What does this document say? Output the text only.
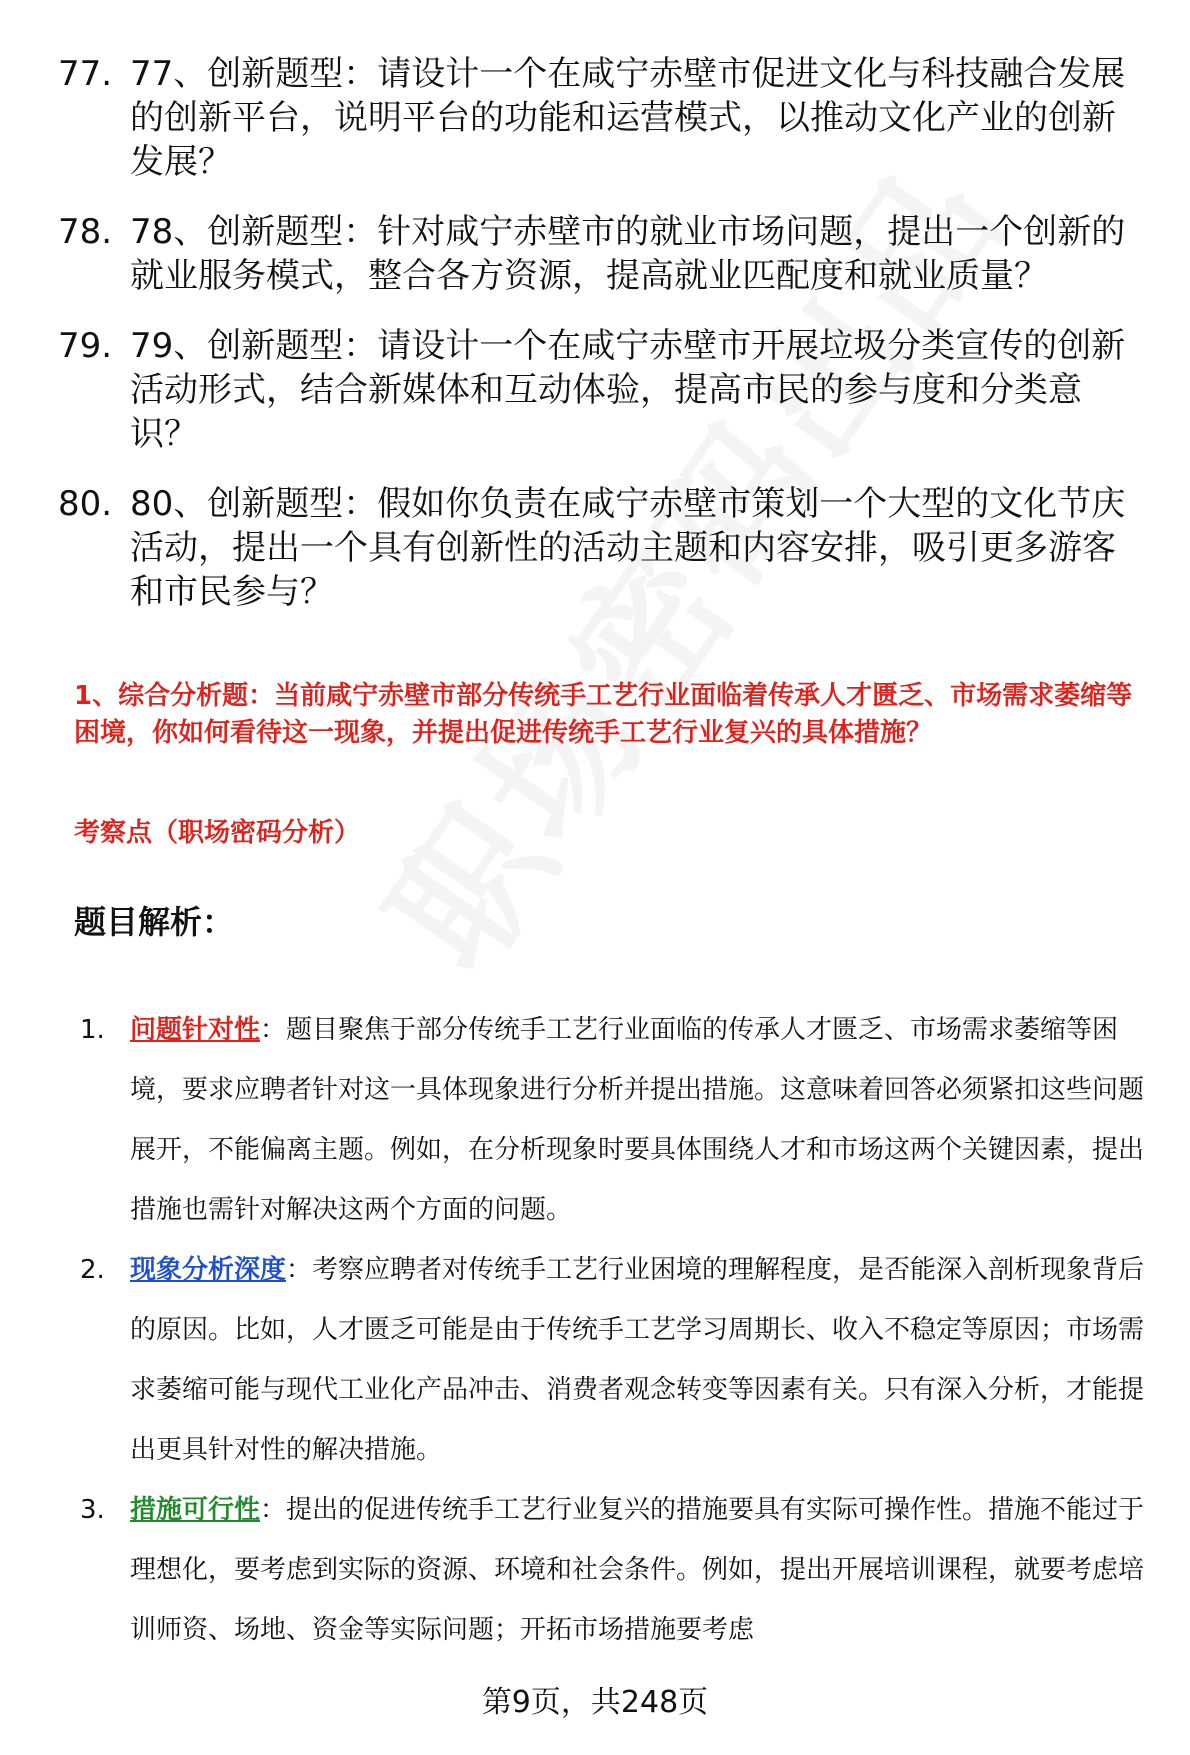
77. 77、创新题型：请设计一个在咸宁赤壁市促进文化与科技融合发展的创新平台，说明平台的功能和运营模式，以推动文化产业的创新发展？
78. 78、创新题型：针对咸宁赤壁市的就业市场问题，提出一个创新的就业服务模式，整合各方资源，提高就业匹配度和就业质量？
79. 79、创新题型：请设计一个在咸宁赤壁市开展垃圾分类宣传的创新活动形式，结合新媒体和互动体验，提高市民的参与度和分类意识？
80. 80、创新题型：假如你负责在咸宁赤壁市策划一个大型的文化节庆活动，提出一个具有创新性的活动主题和内容安排，吸引更多游客和市民参与？
1、综合分析题：当前咸宁赤壁市部分传统手工艺行业面临着传承人才匮乏、市场需求萎缩等困境，你如何看待这一现象，并提出促进传统手工艺行业复兴的具体措施？
考察点（职场密码分析）
题目解析：
1. 问题针对性：题目聚焦于部分传统手工艺行业面临的传承人才匮乏、市场需求萎缩等困境，要求应聘者针对这一具体现象进行分析并提出措施。这意味着回答必须紧扣这些问题展开，不能偏离主题。例如，在分析现象时要具体围绕人才和市场这两个关键因素，提出措施也需针对解决这两个方面的问题。
2. 现象分析深度：考察应聘者对传统手工艺行业困境的理解程度，是否能深入剖析现象背后的原因。比如，人才匮乏可能是由于传统手工艺学习周期长、收入不稳定等原因；市场需求萎缩可能与现代工业化产品冲击、消费者观念转变等因素有关。只有深入分析，才能提出更具针对性的解决措施。
3. 措施可行性：提出的促进传统手工艺行业复兴的措施要具有实际可操作性。措施不能过于理想化，要考虑到实际的资源、环境和社会条件。例如，提出开展培训课程，就要考虑培训师资、场地、资金等实际问题；开拓市场措施要考虑
第9页，共248页
